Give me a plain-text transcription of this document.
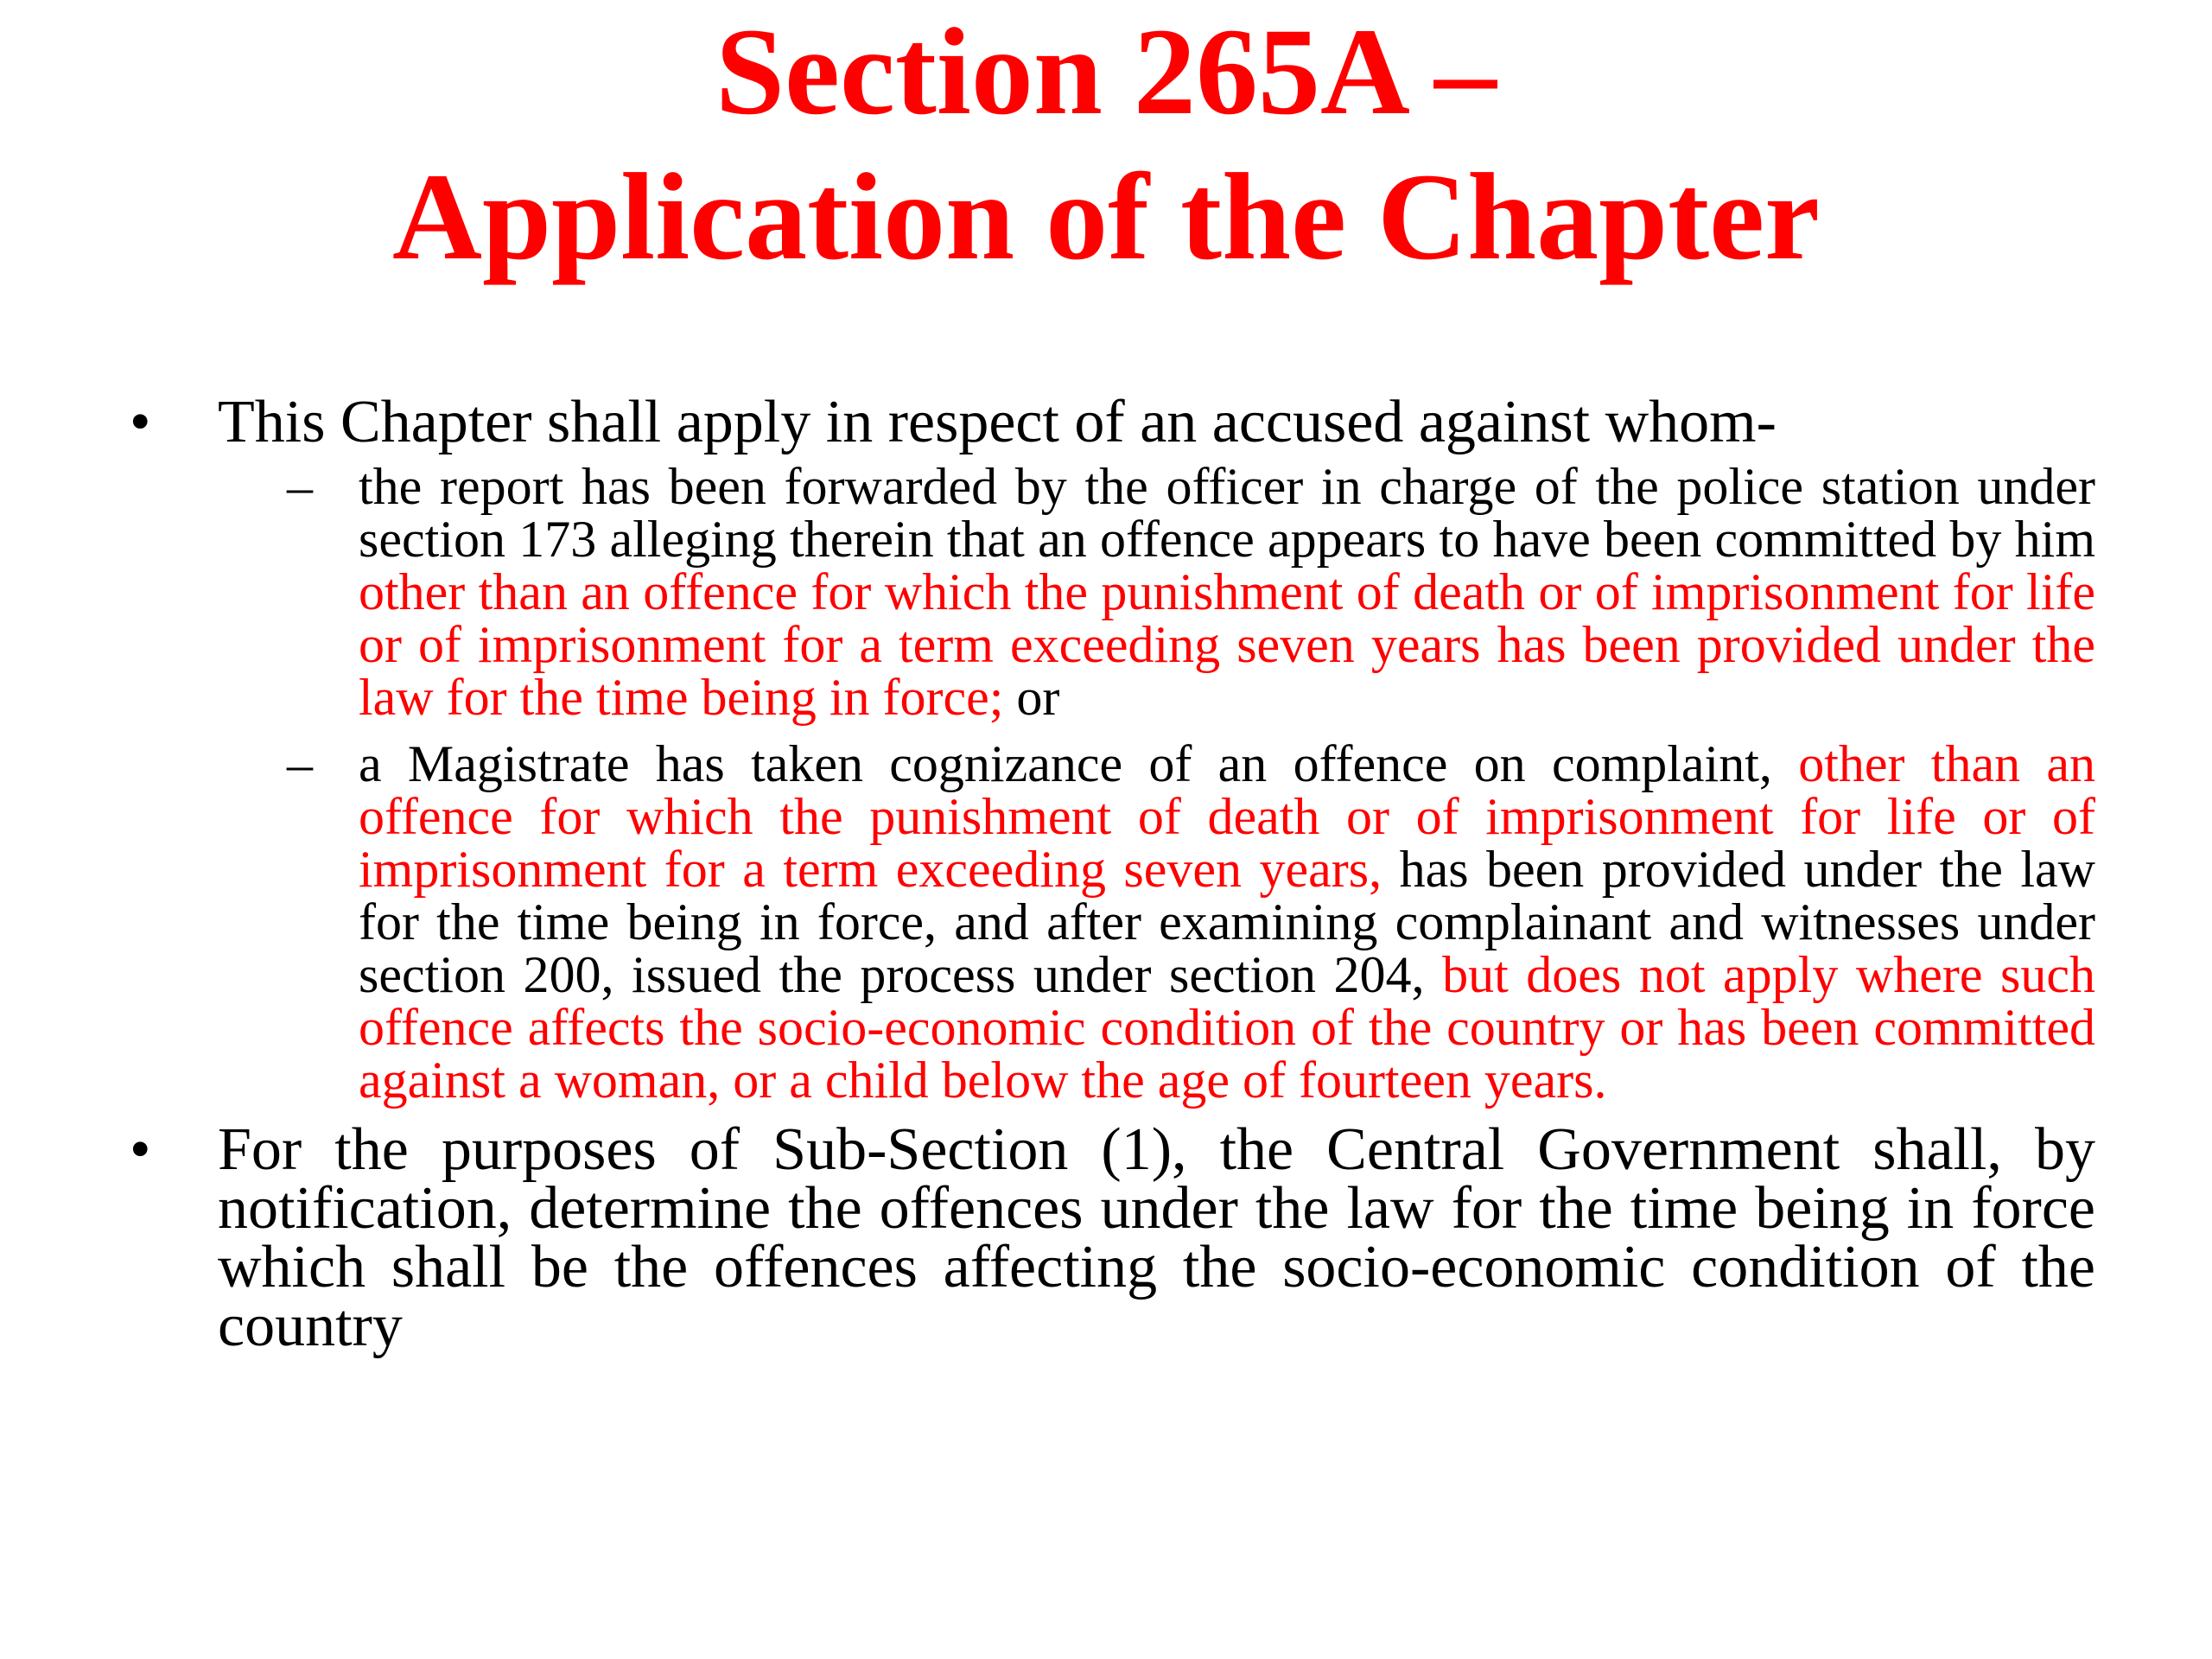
Section 265A –
Application of the Chapter
•	This Chapter shall apply in respect of an accused against whom-
– the report has been forwarded by the officer in charge of the police station under section 173 alleging therein that an offence appears to have been committed by him other than an offence for which the punishment of death or of imprisonment for life or of imprisonment for a term exceeding seven years has been provided under the law for the time being in force; or
– a Magistrate has taken cognizance of an offence on complaint, other than an offence for which the punishment of death or of imprisonment for life or of imprisonment for a term exceeding seven years, has been provided under the law for the time being in force, and after examining complainant and witnesses under section 200, issued the process under section 204, but does not apply where such offence affects the socio-economic condition of the country or has been committed against a woman, or a child below the age of fourteen years.
•	For the purposes of Sub-Section (1), the Central Government shall, by notification, determine the offences under the law for the time being in force which shall be the offences affecting the socio-economic condition of the country
